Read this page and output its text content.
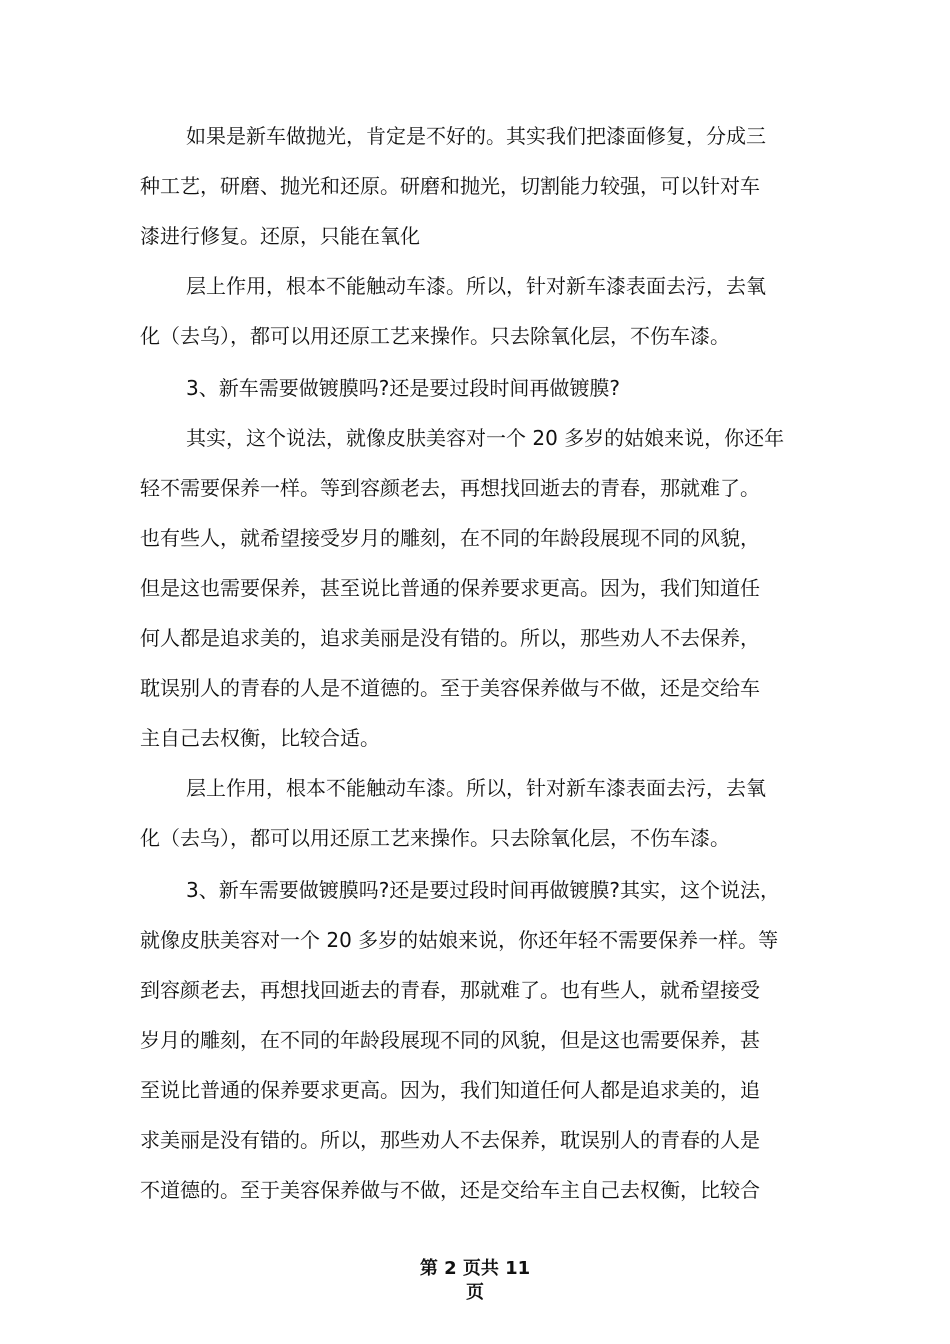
如果是新车做抛光，肯定是不好的。其实我们把漆面修复，分成三
种工艺，研磨、抛光和还原。研磨和抛光，切割能力较强，可以针对车
漆进行修复。还原，只能在氧化
层上作用，根本不能触动车漆。所以，针对新车漆表面去污，去氧
化（去乌），都可以用还原工艺来操作。只去除氧化层，不伤车漆。
3、新车需要做镀膜吗?还是要过段时间再做镀膜?
其实，这个说法，就像皮肤美容对一个 20 多岁的姑娘来说，你还年
轻不需要保养一样。等到容颜老去，再想找回逝去的青春，那就难了。
也有些人，就希望接受岁月的雕刻，在不同的年龄段展现不同的风貌，
但是这也需要保养，甚至说比普通的保养要求更高。因为，我们知道任
何人都是追求美的，追求美丽是没有错的。所以，那些劝人不去保养，
耽误别人的青春的人是不道德的。至于美容保养做与不做，还是交给车
主自己去权衡，比较合适。
层上作用，根本不能触动车漆。所以，针对新车漆表面去污，去氧
化（去乌），都可以用还原工艺来操作。只去除氧化层，不伤车漆。
3、新车需要做镀膜吗?还是要过段时间再做镀膜?其实，这个说法，
就像皮肤美容对一个 20 多岁的姑娘来说，你还年轻不需要保养一样。等
到容颜老去，再想找回逝去的青春，那就难了。也有些人，就希望接受
岁月的雕刻，在不同的年龄段展现不同的风貌，但是这也需要保养，甚
至说比普通的保养要求更高。因为，我们知道任何人都是追求美的，追
求美丽是没有错的。所以，那些劝人不去保养，耽误别人的青春的人是
不道德的。至于美容保养做与不做，还是交给车主自己去权衡，比较合
第 2 页共 11
页
